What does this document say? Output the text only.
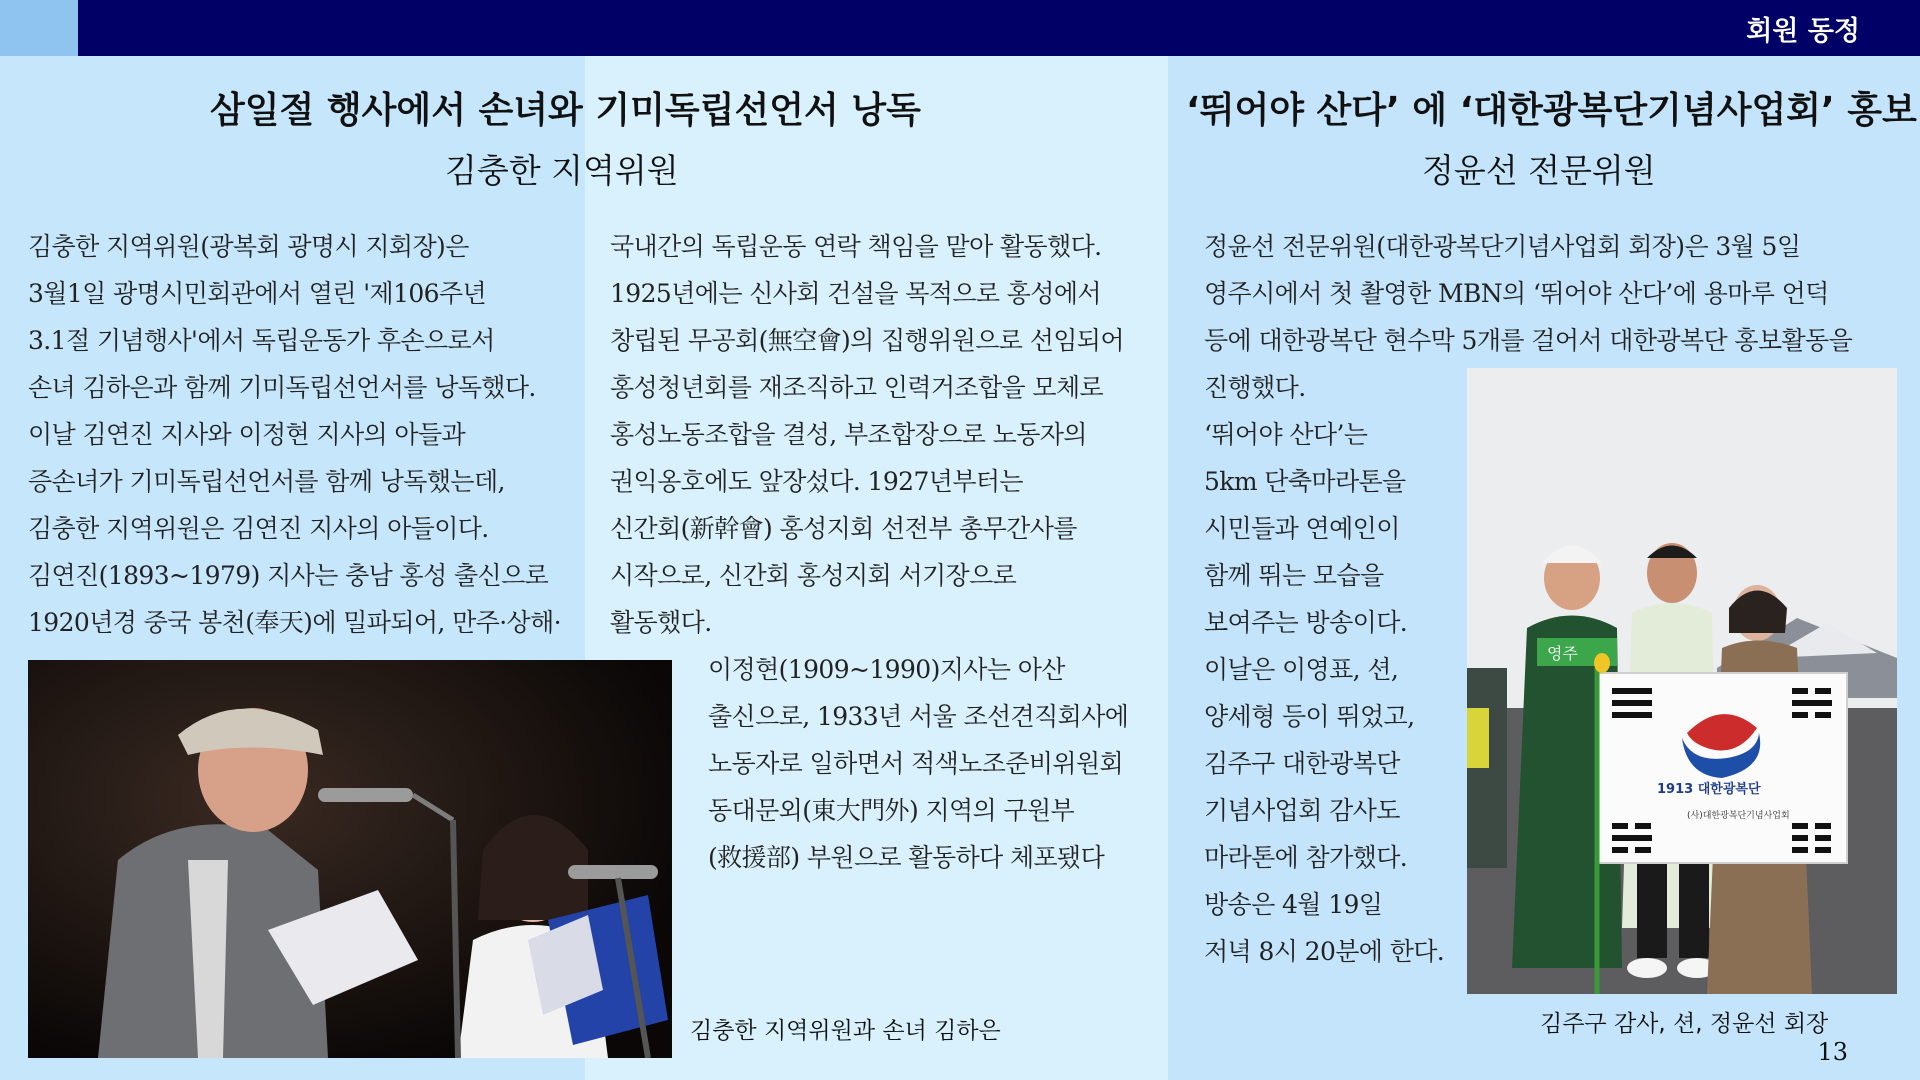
회원 동정
삼일절 행사에서 손녀와 기미독립선언서 낭독
김충한 지역위원
김충한 지역위원(광복회 광명시 지회장)은
3월1일 광명시민회관에서 열린 '제106주년
3.1절 기념행사'에서 독립운동가 후손으로서
손녀 김하은과 함께 기미독립선언서를 낭독했다.
이날 김연진 지사와 이정현 지사의 아들과
증손녀가 기미독립선언서를 함께 낭독했는데,
김충한 지역위원은 김연진 지사의 아들이다.
김연진(1893~1979) 지사는 충남 홍성 출신으로
1920년경 중국 봉천(奉天)에 밀파되어, 만주·상해·
국내간의 독립운동 연락 책임을 맡아 활동했다.
1925년에는 신사회 건설을 목적으로 홍성에서
창립된 무공회(無空會)의 집행위원으로 선임되어
홍성청년회를 재조직하고 인력거조합을 모체로
홍성노동조합을 결성, 부조합장으로 노동자의
권익옹호에도 앞장섰다. 1927년부터는
신간회(新幹會) 홍성지회 선전부 총무간사를
시작으로, 신간회 홍성지회 서기장으로
활동했다.
이정현(1909~1990)지사는 아산
출신으로, 1933년 서울 조선견직회사에
노동자로 일하면서 적색노조준비위원회
동대문외(東大門外) 지역의 구원부
(救援部) 부원으로 활동하다 체포됐다
김충한 지역위원과 손녀 김하은
‘뛰어야 산다’ 에 ‘대한광복단기념사업회’ 홍보
정윤선 전문위원
정윤선 전문위원(대한광복단기념사업회 회장)은 3월 5일
영주시에서 첫 촬영한 MBN의 ‘뛰어야 산다’에 용마루 언덕
등에 대한광복단 현수막 5개를 걸어서 대한광복단 홍보활동을
진행했다.
‘뛰어야 산다’는
5km 단축마라톤을
시민들과 연예인이
함께 뛰는 모습을
보여주는 방송이다.
이날은 이영표, 션,
양세형 등이 뛰었고,
김주구 대한광복단
기념사업회 감사도
마라톤에 참가했다.
방송은 4월 19일
저녁 8시 20분에 한다.
영주
1913 대한광복단
(사)대한광복단기념사업회
김주구 감사, 션, 정윤선 회장
13
